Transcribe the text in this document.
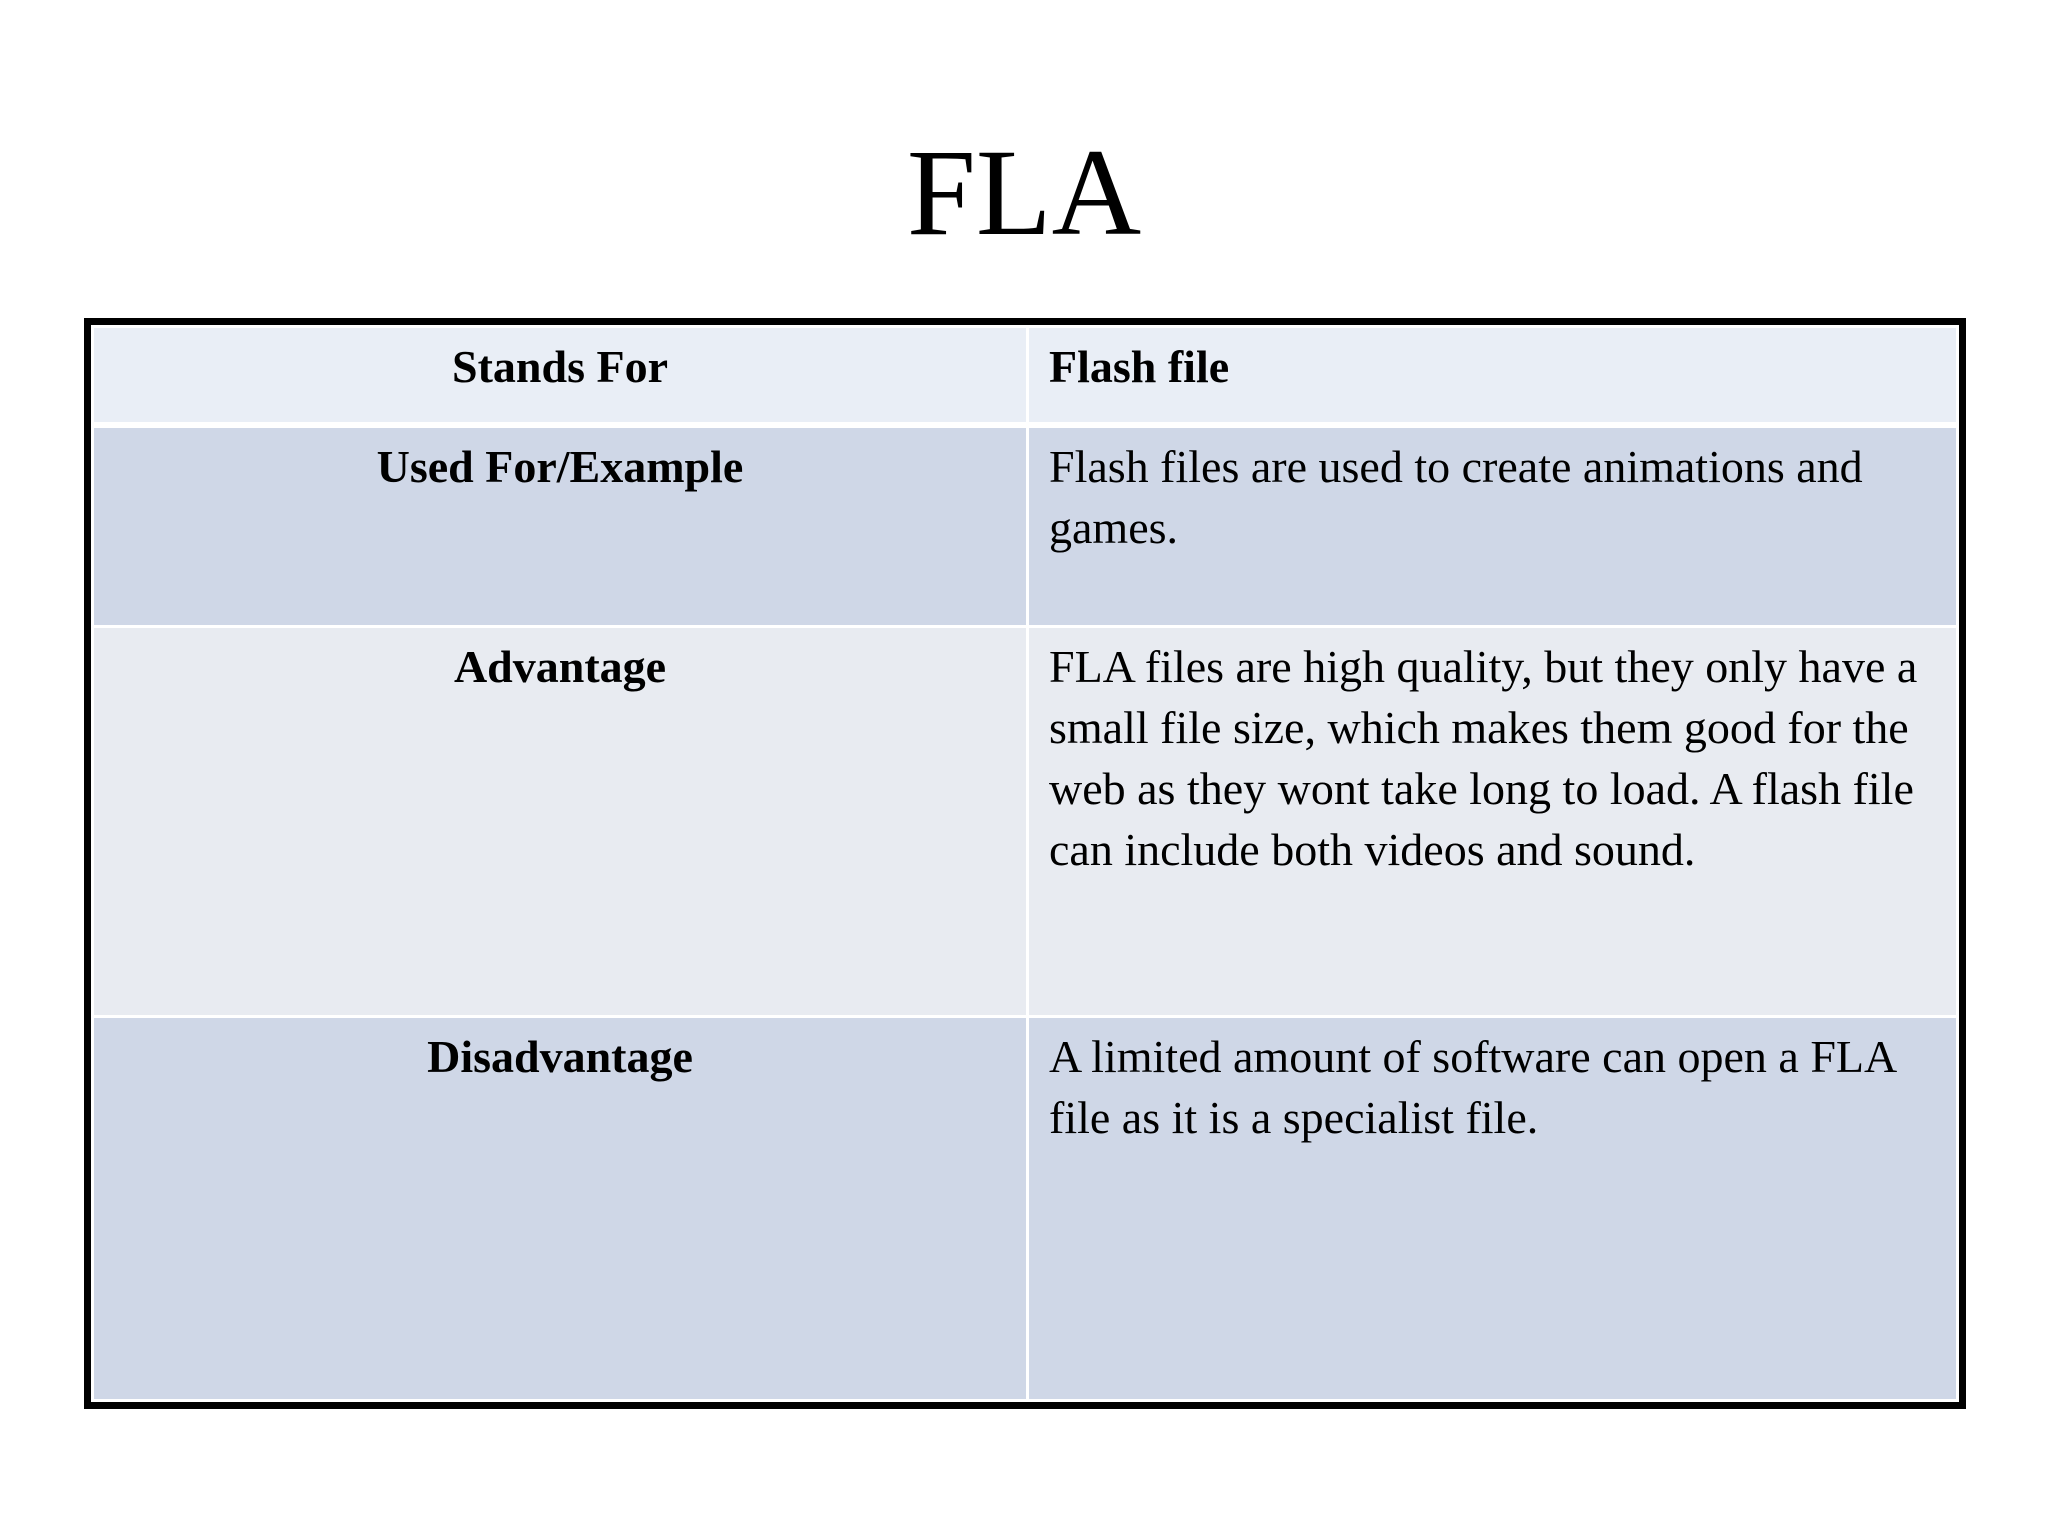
FLA
Stands For	Flash file
Used For/Example	Flash files are used to create animations and games.
Advantage	FLA files are high quality, but they only have a small file size, which makes them good for the web as they wont take long to load. A flash file can include both videos and sound.
Disadvantage	A limited amount of software can open a FLA file as it is a specialist file.
